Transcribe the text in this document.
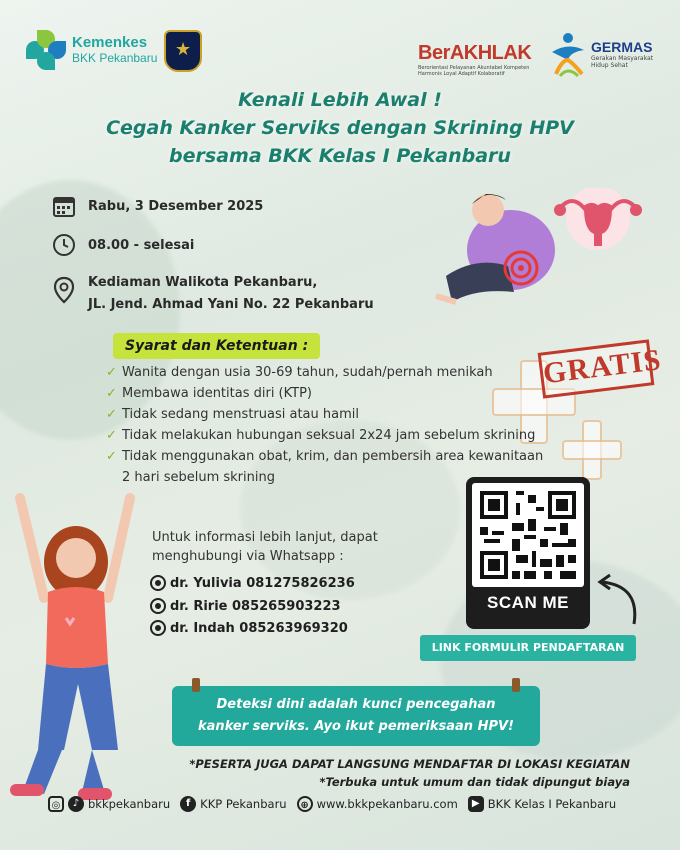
Kemenkes
BKK Pekanbaru
★	BerAKHLAK
Berorientasi Pelayanan Akuntabel Kompeten
Harmonis Loyal Adaptif Kolaboratif
GERMAS
Gerakan Masyarakat
Hidup Sehat
Kenali Lebih Awal !
Cegah Kanker Serviks dengan Skrining HPV
bersama BKK Kelas I Pekanbaru
Rabu, 3 Desember 2025
08.00 - selesai
Kediaman Walikota Pekanbaru,
JL. Jend. Ahmad Yani No. 22 Pekanbaru
Syarat dan Ketentuan :	GRATIS
✓ Wanita dengan usia 30-69 tahun, sudah/pernah menikah
✓ Membawa identitas diri (KTP)
✓ Tidak sedang menstruasi atau hamil
✓ Tidak melakukan hubungan seksual 2x24 jam sebelum skrining
✓ Tidak menggunakan obat, krim, dan pembersih area kewanitaan
2 hari sebelum skrining
Untuk informasi lebih lanjut, dapat menghubungi via Whatsapp :
dr. Yulivia 081275826236
dr. Ririe 085265903223
dr. Indah 085263969320
SCAN ME
LINK FORMULIR PENDAFTARAN
Deteksi dini adalah kunci pencegahan
kanker serviks. Ayo ikut pemeriksaan HPV!
*PESERTA JUGA DAPAT LANGSUNG MENDAFTAR DI LOKASI KEGIATAN
*Terbuka untuk umum dan tidak dipungut biaya
◎	♪ bkkpekanbaru	f KKP Pekanbaru	⊕ www.bkkpekanbaru.com	▶ BKK Kelas I Pekanbaru
